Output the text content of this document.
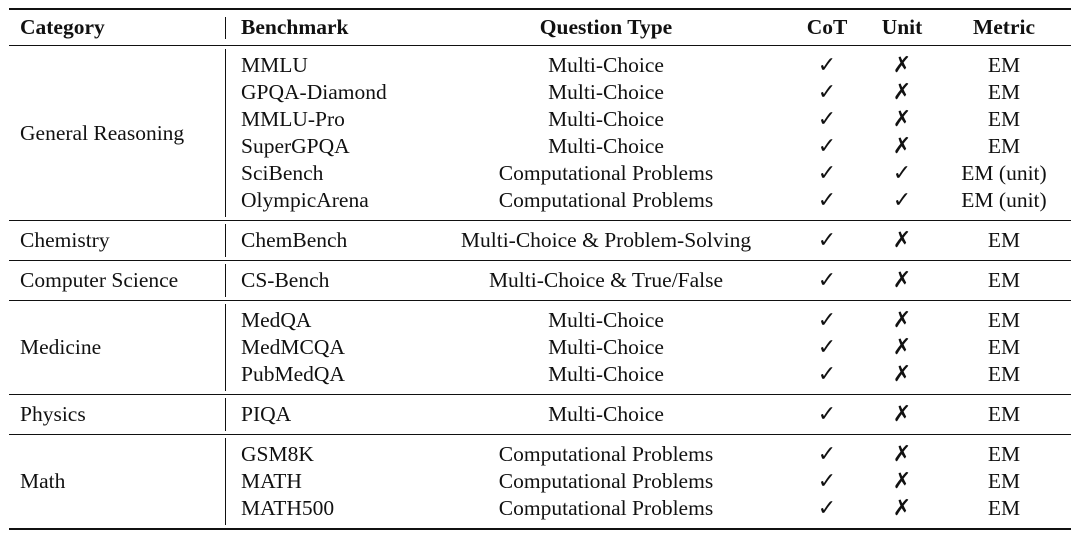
Category	Benchmark	Question Type	CoT	Unit	Metric
General Reasoning
MMLU	Multi-Choice	✓	✗	EM
GPQA-Diamond	Multi-Choice	✓	✗	EM
MMLU-Pro	Multi-Choice	✓	✗	EM
SuperGPQA	Multi-Choice	✓	✗	EM
SciBench	Computational Problems	✓	✓	EM (unit)
OlympicArena	Computational Problems	✓	✓	EM (unit)
Chemistry	ChemBench	Multi-Choice & Problem-Solving	✓	✗	EM
Computer Science	CS-Bench	Multi-Choice & True/False	✓	✗	EM
Medicine
MedQA	Multi-Choice	✓	✗	EM
MedMCQA	Multi-Choice	✓	✗	EM
PubMedQA	Multi-Choice	✓	✗	EM
Physics	PIQA	Multi-Choice	✓	✗	EM
Math
GSM8K	Computational Problems	✓	✗	EM
MATH	Computational Problems	✓	✗	EM
MATH500	Computational Problems	✓	✗	EM
